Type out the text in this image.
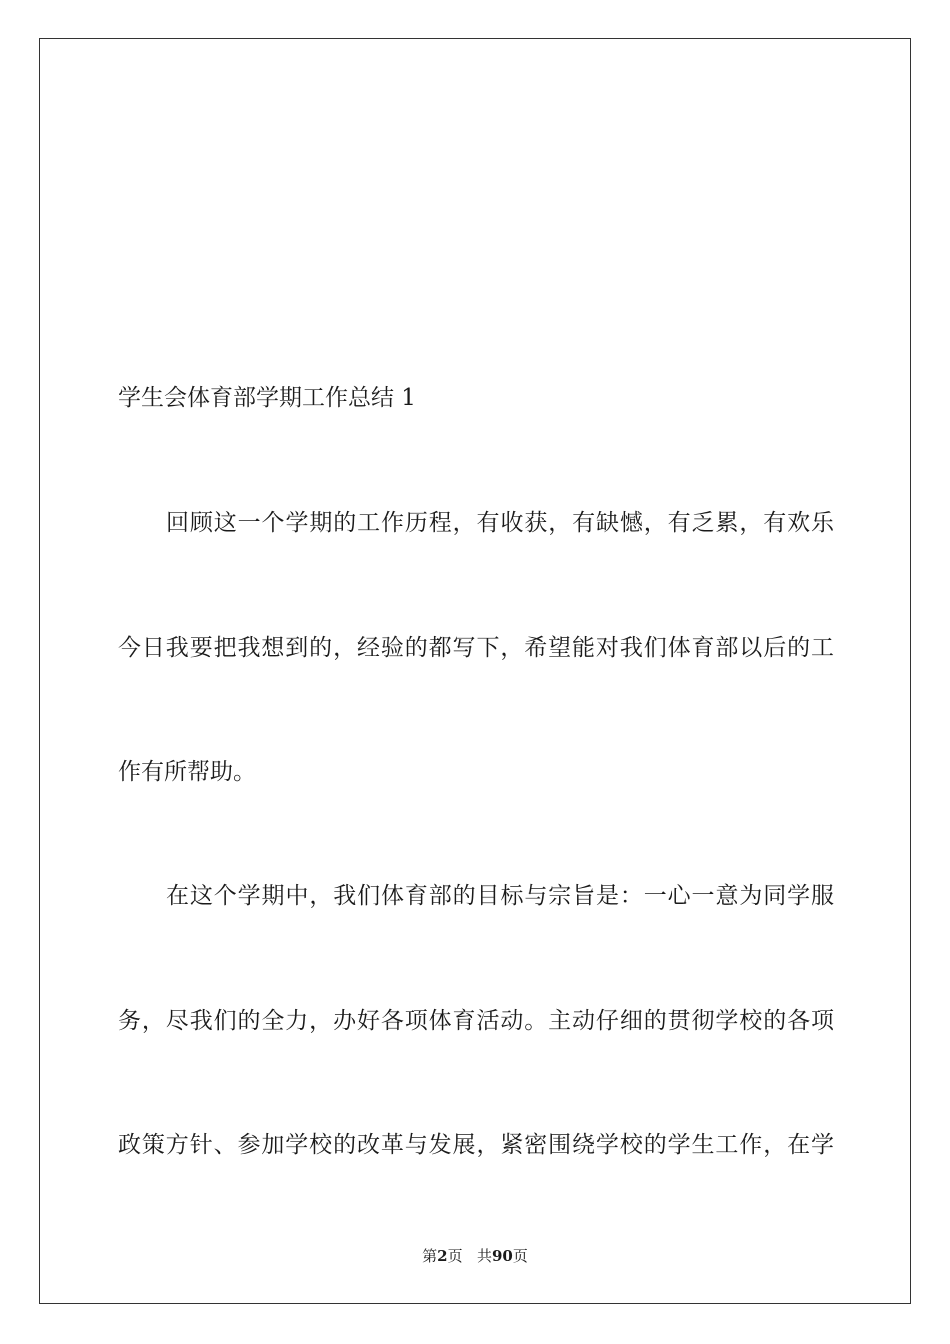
学生会体育部学期工作总结 1
回顾这一个学期的工作历程，有收获，有缺憾，有乏累，有欢乐
今日我要把我想到的，经验的都写下，希望能对我们体育部以后的工
作有所帮助。
在这个学期中，我们体育部的目标与宗旨是：一心一意为同学服
务，尽我们的全力，办好各项体育活动。主动仔细的贯彻学校的各项
政策方针、参加学校的改革与发展，紧密围绕学校的学生工作，在学
第2页 共90页
